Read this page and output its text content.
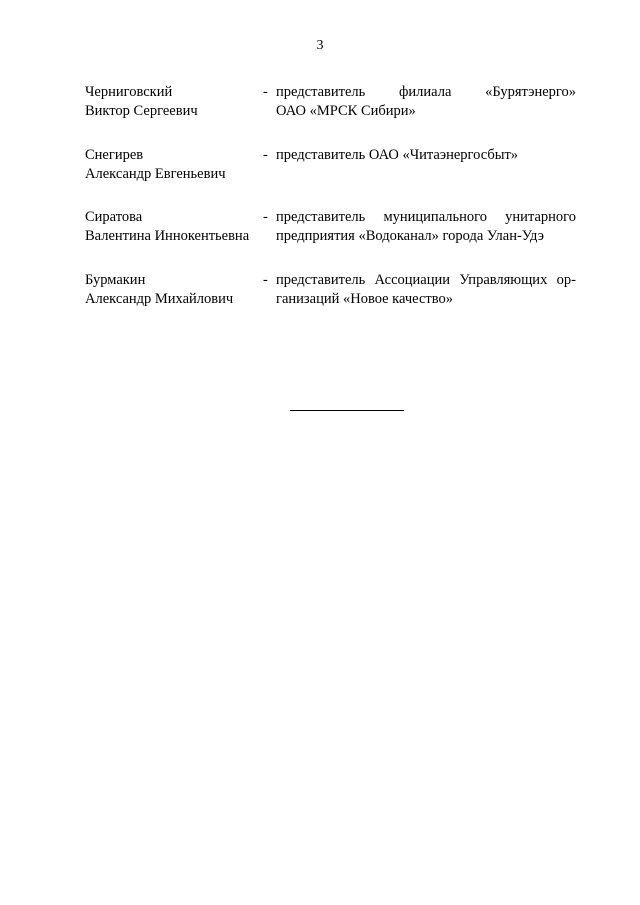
3
Черниговский
Виктор Сергеевич
- представитель филиала «Бурятэнерго»
ОАО «МРСК Сибири»
Снегирев
Александр Евгеньевич
- представитель ОАО «Читаэнергосбыт»
Сиратова
Валентина Иннокентьевна
- представитель муниципального унитарного
предприятия «Водоканал» города Улан-Удэ
Бурмакин
Александр Михайлович
- представитель Ассоциации Управляющих ор-
ганизаций «Новое качество»
